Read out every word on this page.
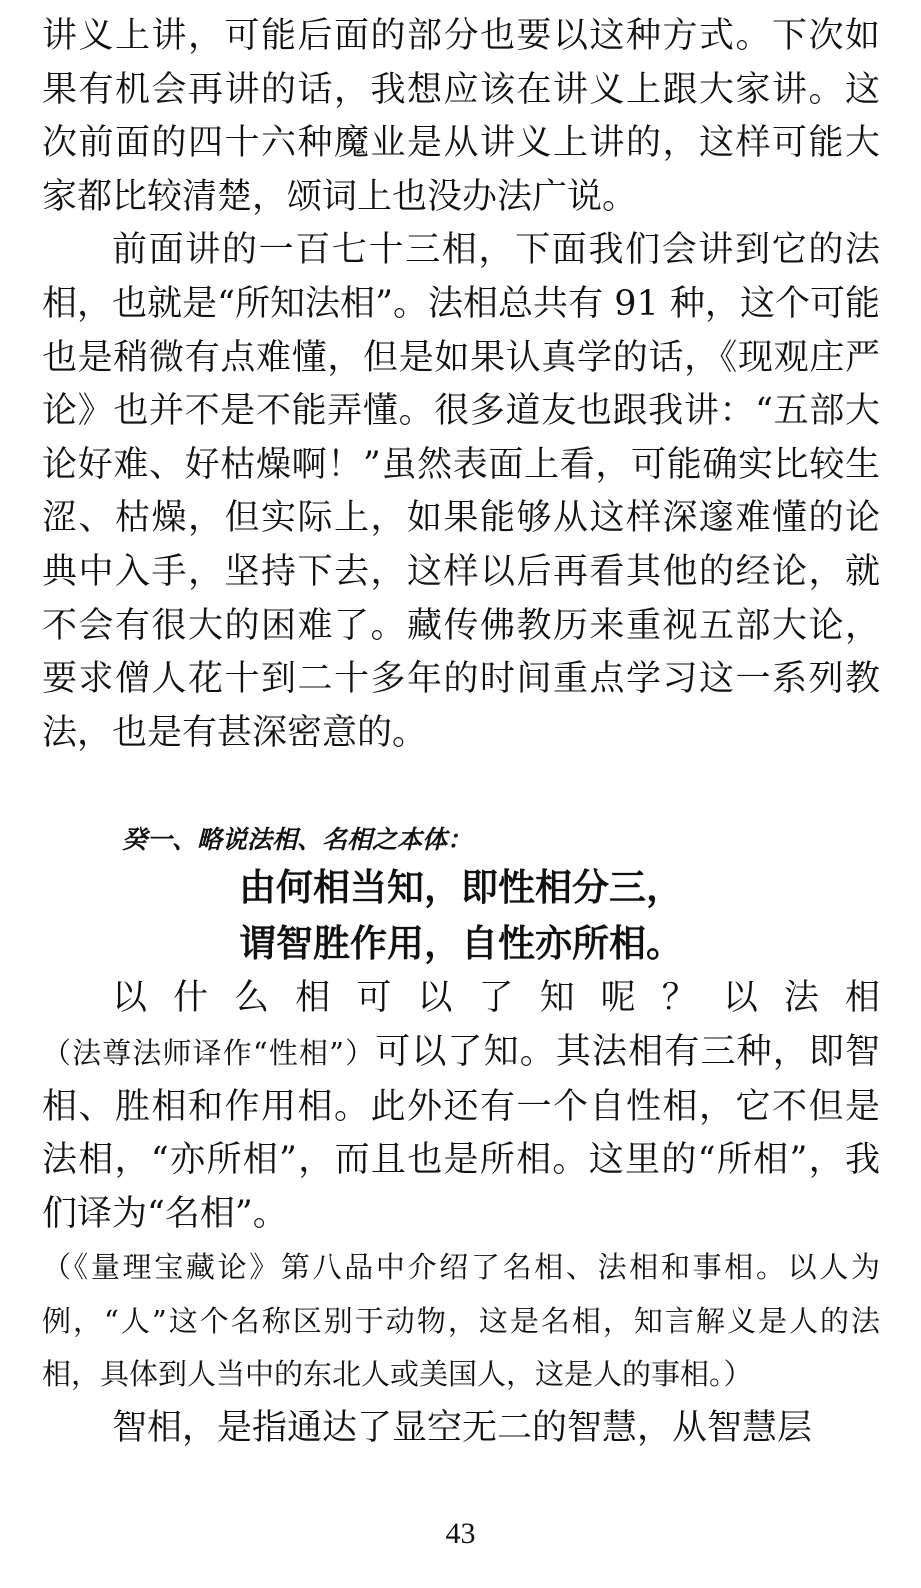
讲义上讲，可能后面的部分也要以这种方式。下次如果有机会再讲的话，我想应该在讲义上跟大家讲。这次前面的四十六种魔业是从讲义上讲的，这样可能大家都比较清楚，颂词上也没办法广说。

前面讲的一百七十三相，下面我们会讲到它的法相，也就是“所知法相”。法相总共有 91 种，这个可能也是稍微有点难懂，但是如果认真学的话，《现观庄严论》也并不是不能弄懂。很多道友也跟我讲：“五部大论好难、好枯燥啊！”虽然表面上看，可能确实比较生涩、枯燥，但实际上，如果能够从这样深邃难懂的论典中入手，坚持下去，这样以后再看其他的经论，就不会有很大的困难了。藏传佛教历来重视五部大论，要求僧人花十到二十多年的时间重点学习这一系列教法，也是有甚深密意的。

癸一、略说法相、名相之本体：

由何相当知，即性相分三，

谓智胜作用，自性亦所相。

以什么相可以了知呢？以法相（法尊法师译作“性相”）可以了知。其法相有三种，即智相、胜相和作用相。此外还有一个自性相，它不但是法相，“亦所相”，而且也是所相。这里的“所相”，我们译为“名相”。

（《量理宝藏论》第八品中介绍了名相、法相和事相。以人为例，“人”这个名称区别于动物，这是名相，知言解义是人的法相，具体到人当中的东北人或美国人，这是人的事相。）

智相，是指通达了显空无二的智慧，从智慧层

43
